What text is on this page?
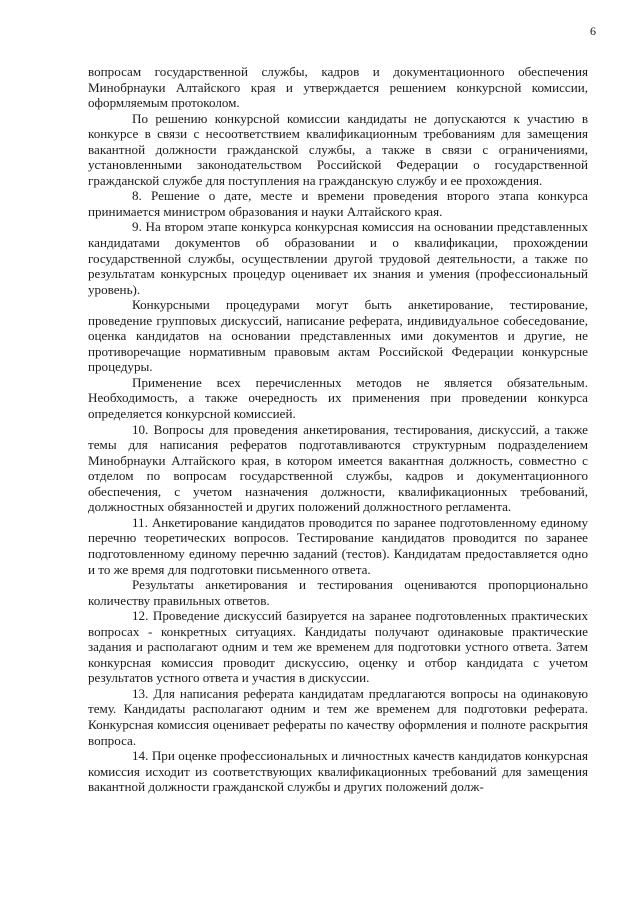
6

вопросам государственной службы, кадров и документационного обеспечения Минобрнауки Алтайского края и утверждается решением конкурсной комиссии, оформляемым протоколом.

По решению конкурсной комиссии кандидаты не допускаются к участию в конкурсе в связи с несоответствием квалификационным требованиям для замещения вакантной должности гражданской службы, а также в связи с ограничениями, установленными законодательством Российской Федерации о государственной гражданской службе для поступления на гражданскую службу и ее прохождения.

8. Решение о дате, месте и времени проведения второго этапа конкурса принимается министром образования и науки Алтайского края.

9. На втором этапе конкурса конкурсная комиссия на основании представленных кандидатами документов об образовании и о квалификации, прохождении государственной службы, осуществлении другой трудовой деятельности, а также по результатам конкурсных процедур оценивает их знания и умения (профессиональный уровень).

Конкурсными процедурами могут быть анкетирование, тестирование, проведение групповых дискуссий, написание реферата, индивидуальное собеседование, оценка кандидатов на основании представленных ими документов и другие, не противоречащие нормативным правовым актам Российской Федерации конкурсные процедуры.

Применение всех перечисленных методов не является обязательным. Необходимость, а также очередность их применения при проведении конкурса определяется конкурсной комиссией.

10. Вопросы для проведения анкетирования, тестирования, дискуссий, а также темы для написания рефератов подготавливаются структурным подразделением Минобрнауки Алтайского края, в котором имеется вакантная должность, совместно с отделом по вопросам государственной службы, кадров и документационного обеспечения, с учетом назначения должности, квалификационных требований, должностных обязанностей и других положений должностного регламента.

11. Анкетирование кандидатов проводится по заранее подготовленному единому перечню теоретических вопросов. Тестирование кандидатов проводится по заранее подготовленному единому перечню заданий (тестов). Кандидатам предоставляется одно и то же время для подготовки письменного ответа.

Результаты анкетирования и тестирования оцениваются пропорционально количеству правильных ответов.

12. Проведение дискуссий базируется на заранее подготовленных практических вопросах - конкретных ситуациях. Кандидаты получают одинаковые практические задания и располагают одним и тем же временем для подготовки устного ответа. Затем конкурсная комиссия проводит дискуссию, оценку и отбор кандидата с учетом результатов устного ответа и участия в дискуссии.

13. Для написания реферата кандидатам предлагаются вопросы на одинаковую тему. Кандидаты располагают одним и тем же временем для подготовки реферата. Конкурсная комиссия оценивает рефераты по качеству оформления и полноте раскрытия вопроса.

14. При оценке профессиональных и личностных качеств кандидатов конкурсная комиссия исходит из соответствующих квалификационных требований для замещения вакантной должности гражданской службы и других положений долж-
